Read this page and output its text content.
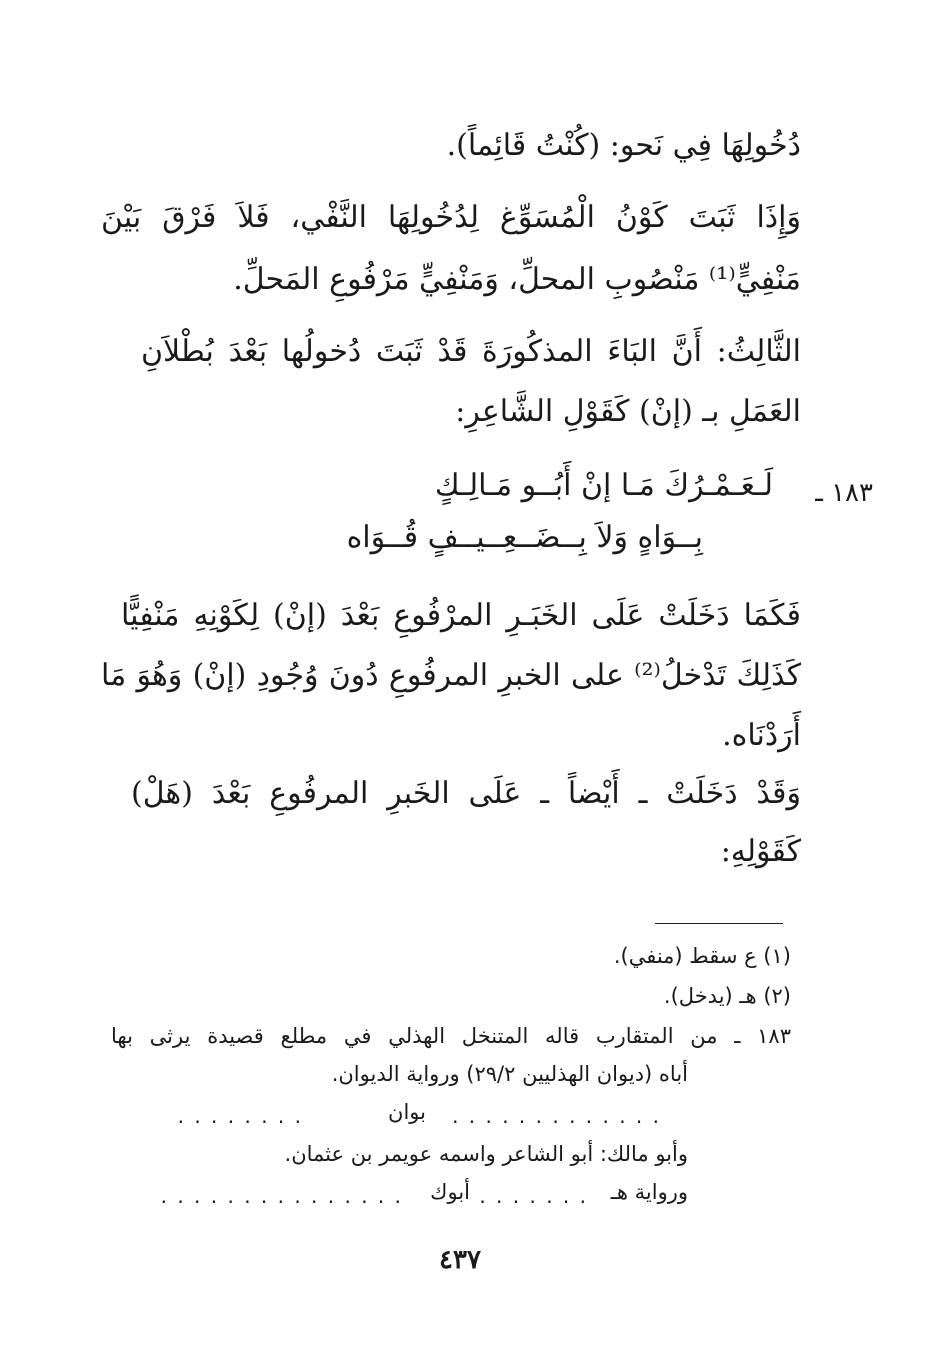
دُخُولِهَا فِي نَحو: (كُنْتُ قَائِماً).
وَإِذَا ثَبَتَ كَوْنُ الْمُسَوِّغ لِدُخُولِهَا النَّفْي، فَلاَ فَرْقَ بَيْنَ
مَنْفِيٍّ⁽¹⁾ مَنْصُوبِ المحلِّ، وَمَنْفِيٍّ مَرْفُوعِ المَحلِّ.
الثَّالِثُ: أَنَّ البَاءَ المذكُورَةَ قَدْ ثَبَتَ دُخولُها بَعْدَ بُطْلاَنِ
العَمَلِ بـ (إنْ) كَقَوْلِ الشَّاعِرِ:
١٨٣ ـ
لَـعَـمْـرُكَ مَـا إنْ أَبُــو مَـالِـكٍ
بِــوَاهٍ وَلاَ بِــضَــعِــيــفٍ قُــوَاه
فَكَمَا دَخَلَتْ عَلَى الخَبَـرِ المرْفُوعِ بَعْدَ (إنْ) لِكَوْنِهِ مَنْفِيًّا
كَذَلِكَ تَدْخلُ⁽²⁾ على الخبرِ المرفُوعِ دُونَ وُجُودِ (إنْ) وَهُوَ مَا
أَرَدْنَاه.
وَقَدْ دَخَلَتْ ـ أَيْضاً ـ عَلَى الخَبرِ المرفُوعِ بَعْدَ (هَلْ)
كَقَوْلِهِ:
(١) ع سقط (منفي).
(٢) هـ (يدخل).
١٨٣ ـ من المتقارب قاله المتنخل الهذلي في مطلع قصيدة يرثى بها
أباه (ديوان الهذليين ٢٩/٢) ورواية الديوان.
. . . . . . . . . . . . .
بوان
. . . . . . . .
وأبو مالك: أبو الشاعر واسمه عويمر بن عثمان.
ورواية هـ
. . . . . . .
أبوك
. . . . . . . . . . . . . . .
٤٣٧
